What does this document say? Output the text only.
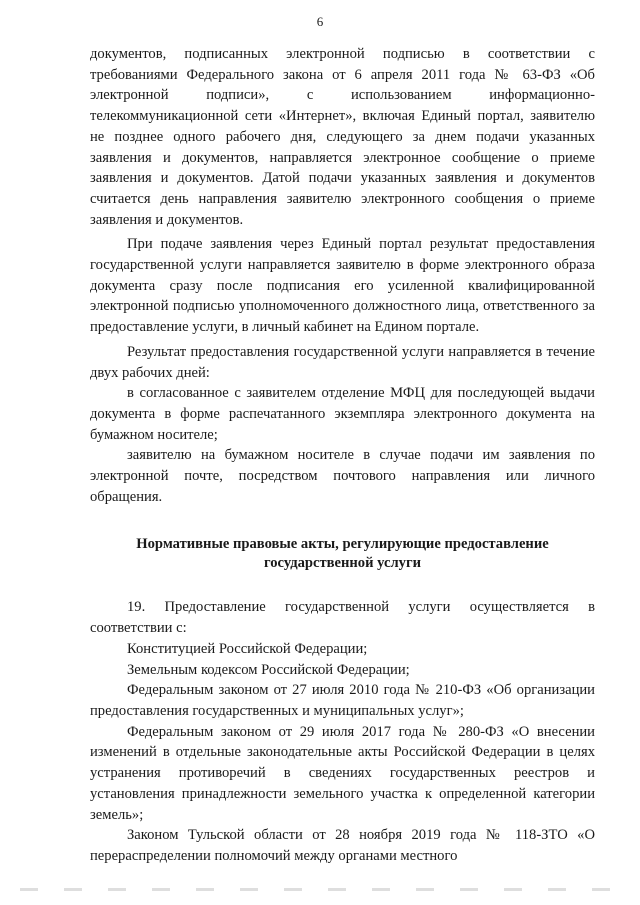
6

документов, подписанных электронной подписью в соответствии с требованиями Федерального закона от 6 апреля 2011 года № 63-ФЗ «Об электронной подписи», с использованием информационно-телекоммуникационной сети «Интернет», включая Единый портал, заявителю не позднее одного рабочего дня, следующего за днем подачи указанных заявления и документов, направляется электронное сообщение о приеме заявления и документов. Датой подачи указанных заявления и документов считается день направления заявителю электронного сообщения о приеме заявления и документов.

При подаче заявления через Единый портал результат предоставления государственной услуги направляется заявителю в форме электронного образа документа сразу после подписания его усиленной квалифицированной электронной подписью уполномоченного должностного лица, ответственного за предоставление услуги, в личный кабинет на Едином портале.

Результат предоставления государственной услуги направляется в течение двух рабочих дней:

в согласованное с заявителем отделение МФЦ для последующей выдачи документа в форме распечатанного экземпляра электронного документа на бумажном носителе;

заявителю на бумажном носителе в случае подачи им заявления по электронной почте, посредством почтового направления или личного обращения.

Нормативные правовые акты, регулирующие предоставление
государственной услуги

19. Предоставление государственной услуги осуществляется в соответствии с:

Конституцией Российской Федерации;

Земельным кодексом Российской Федерации;

Федеральным законом от 27 июля 2010 года № 210-ФЗ «Об организации предоставления государственных и муниципальных услуг»;

Федеральным законом от 29 июля 2017 года № 280-ФЗ «О внесении изменений в отдельные законодательные акты Российской Федерации в целях устранения противоречий в сведениях государственных реестров и установления принадлежности земельного участка к определенной категории земель»;

Законом Тульской области от 28 ноября 2019 года № 118-ЗТО «О перераспределении полномочий между органами местного
